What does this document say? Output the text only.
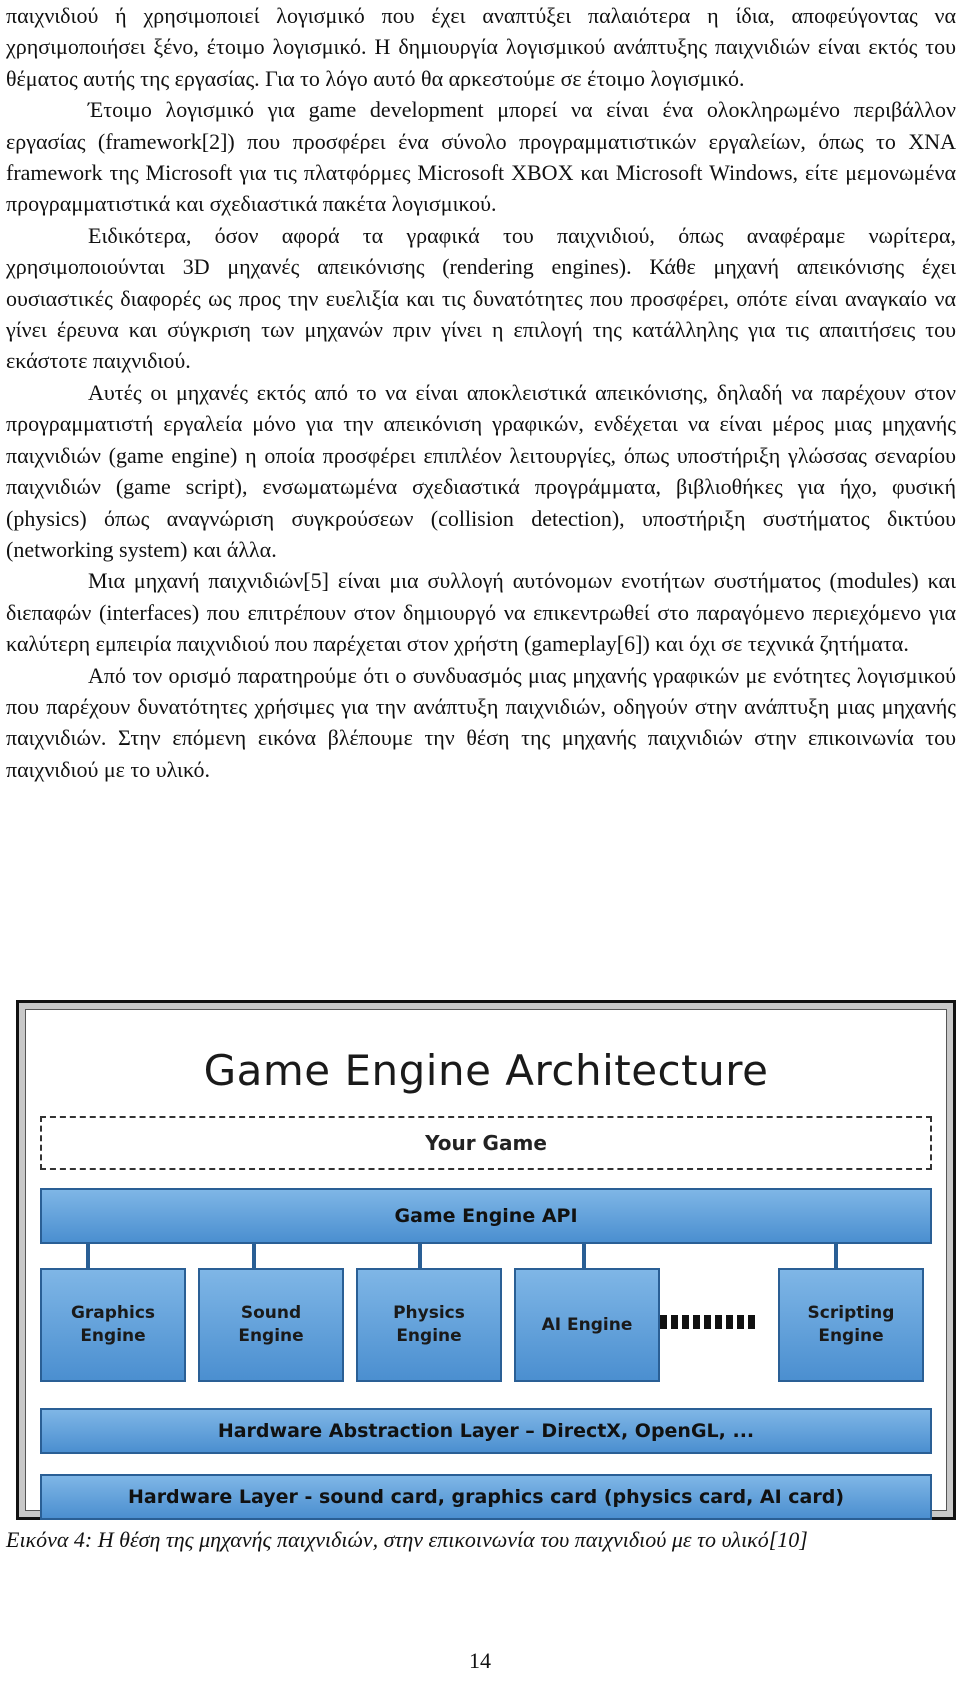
παιχνιδιού ή χρησιμοποιεί λογισμικό που έχει αναπτύξει παλαιότερα η ίδια, αποφεύγοντας να χρησιμοποιήσει ξένο, έτοιμο λογισμικό. Η δημιουργία λογισμικού ανάπτυξης παιχνιδιών είναι εκτός του θέματος αυτής της εργασίας. Για το λόγο αυτό θα αρκεστούμε σε έτοιμο λογισμικό.

Έτοιμο λογισμικό για game development μπορεί να είναι ένα ολοκληρωμένο περιβάλλον εργασίας (framework[2]) που προσφέρει ένα σύνολο προγραμματιστικών εργαλείων, όπως το XNA framework της Microsoft για τις πλατφόρμες Microsoft XBOX και Microsoft Windows, είτε μεμονωμένα προγραμματιστικά και σχεδιαστικά πακέτα λογισμικού.

Ειδικότερα, όσον αφορά τα γραφικά του παιχνιδιού, όπως αναφέραμε νωρίτερα, χρησιμοποιούνται 3D μηχανές απεικόνισης (rendering engines). Κάθε μηχανή απεικόνισης έχει ουσιαστικές διαφορές ως προς την ευελιξία και τις δυνατότητες που προσφέρει, οπότε είναι αναγκαίο να γίνει έρευνα και σύγκριση των μηχανών πριν γίνει η επιλογή της κατάλληλης για τις απαιτήσεις του εκάστοτε παιχνιδιού.

Αυτές οι μηχανές εκτός από το να είναι αποκλειστικά απεικόνισης, δηλαδή να παρέχουν στον προγραμματιστή εργαλεία μόνο για την απεικόνιση γραφικών, ενδέχεται να είναι μέρος μιας μηχανής παιχνιδιών (game engine) η οποία προσφέρει επιπλέον λειτουργίες, όπως υποστήριξη γλώσσας σεναρίου παιχνιδιών (game script), ενσωματωμένα σχεδιαστικά προγράμματα, βιβλιοθήκες για ήχο, φυσική (physics) όπως αναγνώριση συγκρούσεων (collision detection), υποστήριξη συστήματος δικτύου (networking system) και άλλα.

Μια μηχανή παιχνιδιών[5] είναι μια συλλογή αυτόνομων ενοτήτων συστήματος (modules) και διεπαφών (interfaces) που επιτρέπουν στον δημιουργό να επικεντρωθεί στο παραγόμενο περιεχόμενο για καλύτερη εμπειρία παιχνιδιού που παρέχεται στον χρήστη (gameplay[6]) και όχι σε τεχνικά ζητήματα.

Από τον ορισμό παρατηρούμε ότι ο συνδυασμός μιας μηχανής γραφικών με ενότητες λογισμικού που παρέχουν δυνατότητες χρήσιμες για την ανάπτυξη παιχνιδιών, οδηγούν στην ανάπτυξη μιας μηχανής παιχνιδιών. Στην επόμενη εικόνα βλέπουμε την θέση της μηχανής παιχνιδιών στην επικοινωνία του παιχνιδιού με το υλικό.

Game Engine Architecture
Your Game
Game Engine API
Graphics
Engine
Sound
Engine
Physics
Engine
AI Engine
Scripting
Engine
Hardware Abstraction Layer – DirectX, OpenGL, ...
Hardware Layer - sound card, graphics card (physics card, AI card)
Εικόνα 4: Η θέση της μηχανής παιχνιδιών, στην επικοινωνία του παιχνιδιού με το υλικό[10]
14
